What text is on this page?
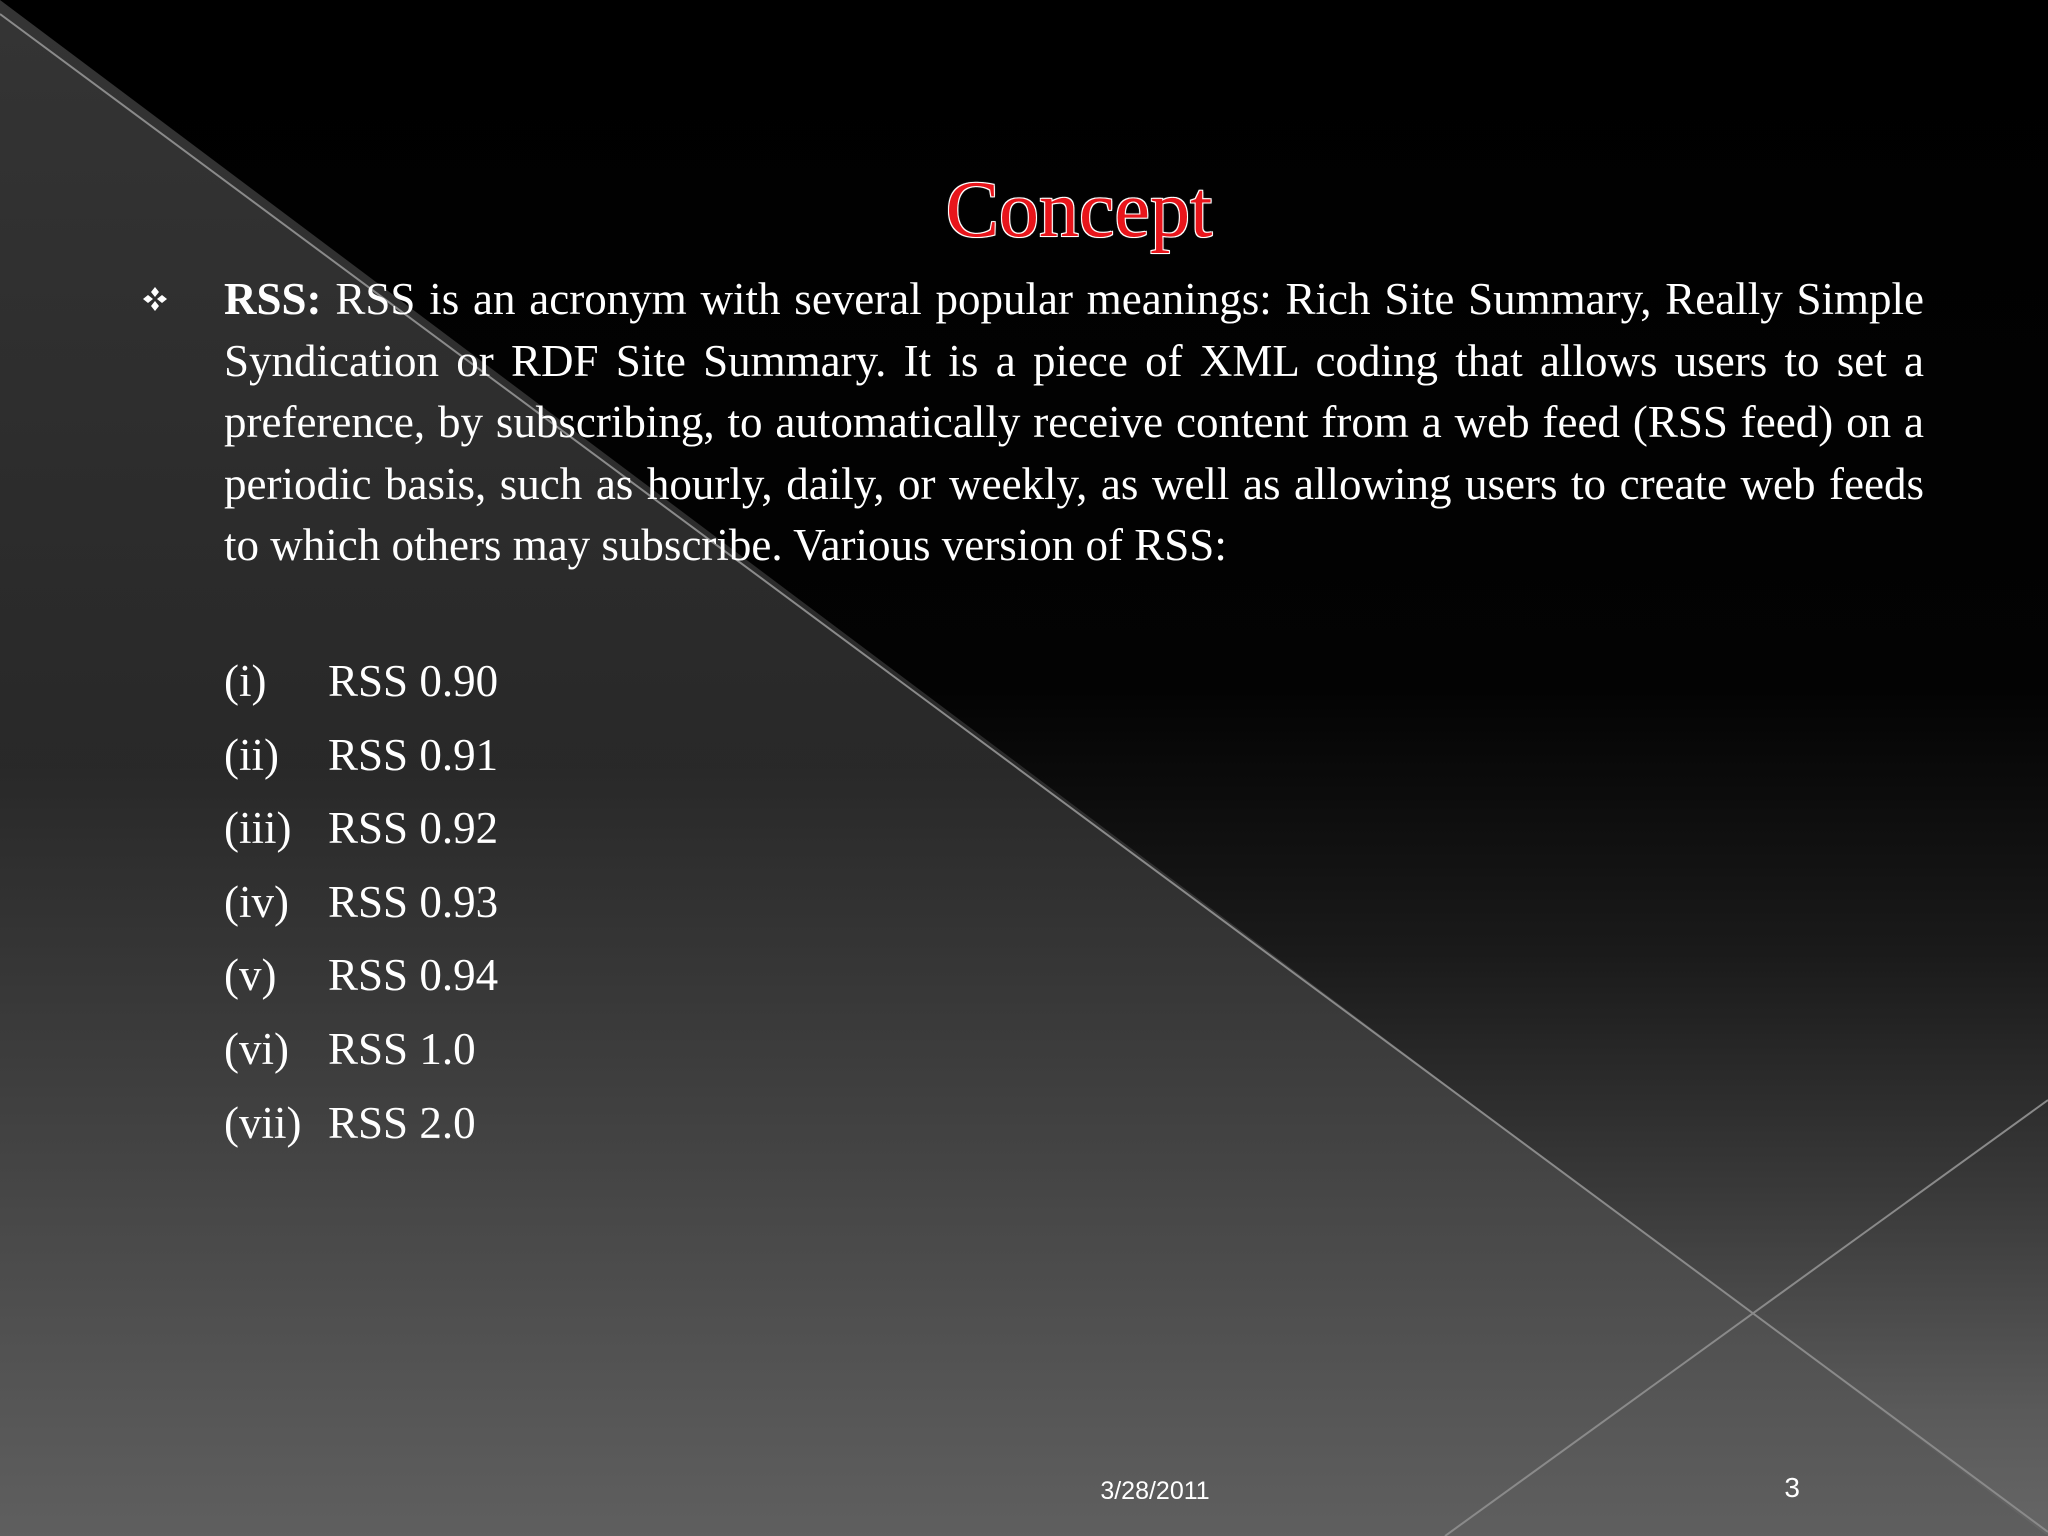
Concept
RSS: RSS is an acronym with several popular meanings: Rich Site Summary, Really Simple Syndication or RDF Site Summary. It is a piece of XML coding that allows users to set a preference, by subscribing, to automatically receive content from a web feed (RSS feed) on a periodic basis, such as hourly, daily, or weekly, as well as allowing users to create web feeds to which others may subscribe. Various version of RSS:
(i) RSS 0.90
(ii) RSS 0.91
(iii) RSS 0.92
(iv) RSS 0.93
(v) RSS 0.94
(vi) RSS 1.0
(vii) RSS 2.0
3/28/2011	3
